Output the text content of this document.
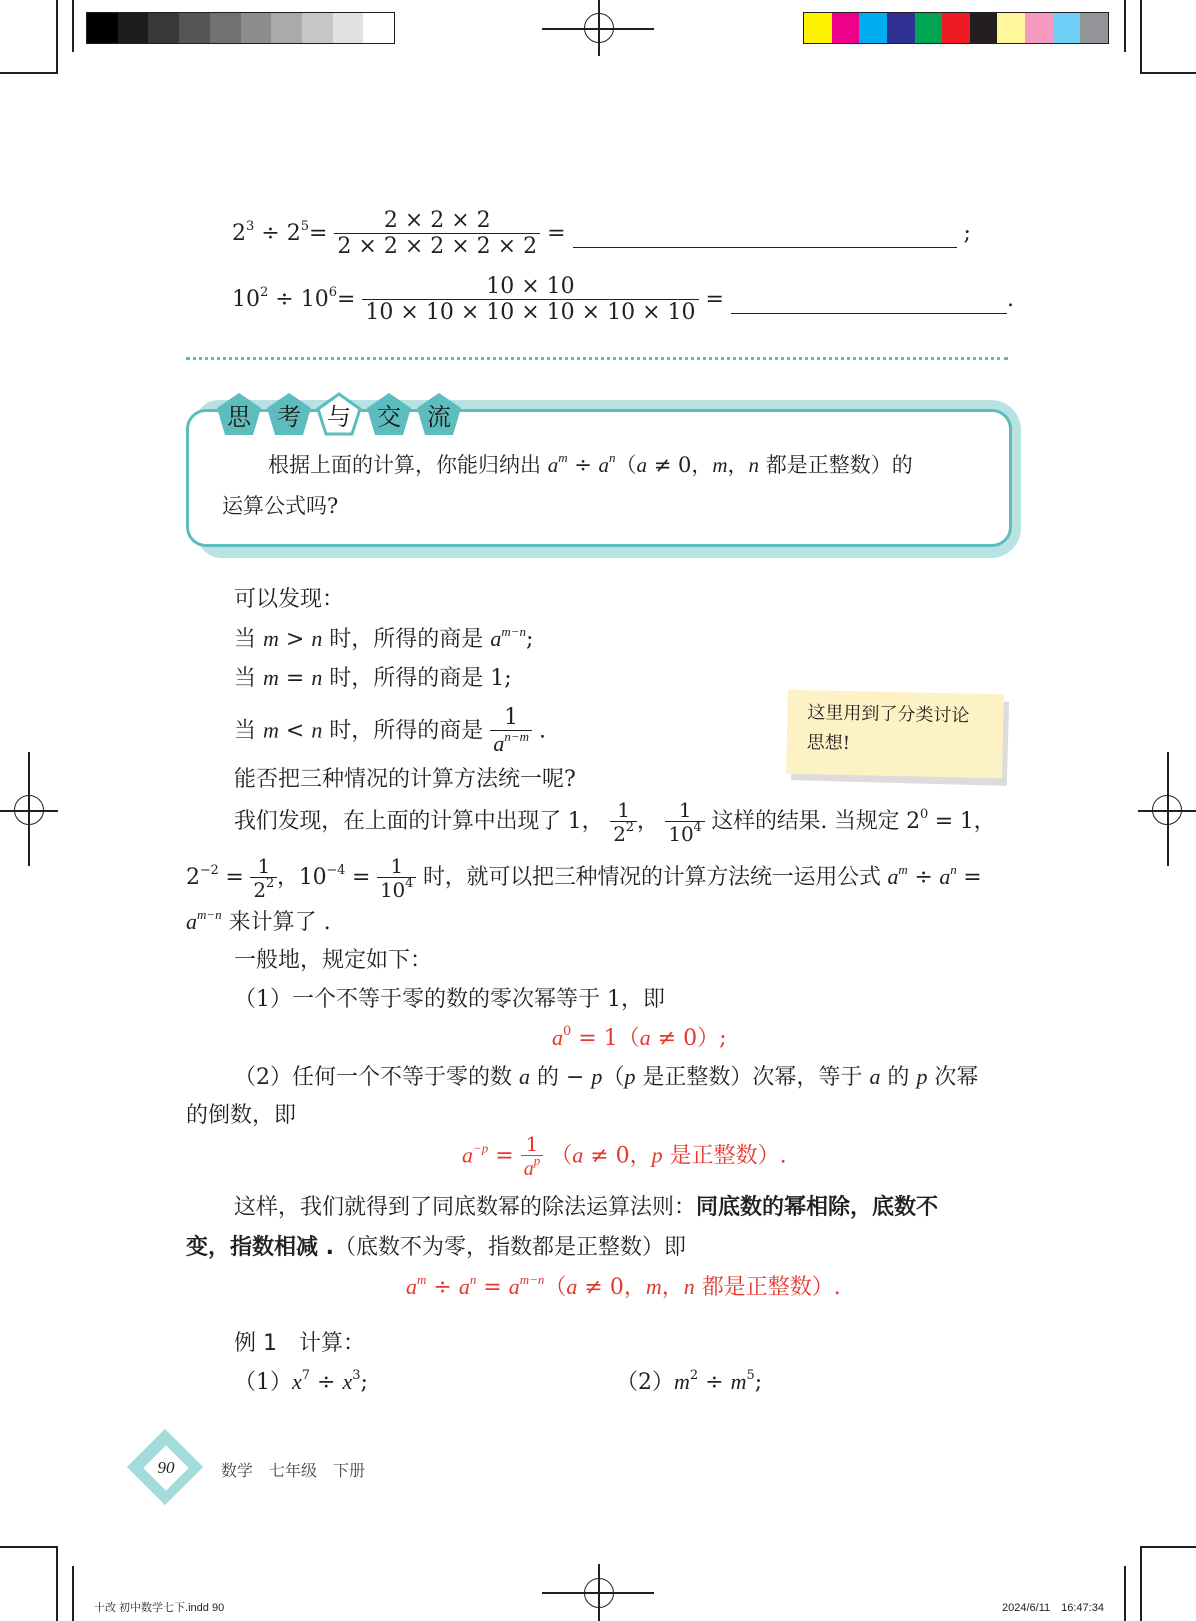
$2^3 \div 2^5= \frac{2 \times 2 \times 2}{2 \times 2 \times 2 \times 2 \times 2}$ =	;
$10^2 \div 10^6= \frac{10 \times 10}{10 \times 10 \times 10 \times 10 \times 10 \times 10}$ =	.
思 考 与 交 流
根据上面的计算，你能归纳出 $a^m \div a^n(a \ne 0$，m，n 都是正整数）的
运算公式吗?
可以发现：
当 m > n 时，所得的商是 $a^{m-n}$;
当 m = n 时，所得的商是 1;
当 m < n 时，所得的商是 $\frac{1}{a^{n-m}}$ .
这里用到了分类讨论
思想!
能否把三种情况的计算方法统一呢?
我们发现，在上面的计算中出现了 1， $\frac{1}{2^2}$ ， $\frac{1}{10^4}$ 这样的结果. 当规定 $2^0 = 1$，
$2^{-2} = \frac{1}{2^2}$ ，$10^{-4} = \frac{1}{10^4}$ 时，就可以把三种情况的计算方法统一运用公式 $a^m \div a^n$ =
$a^{m-n}$ 来计算了 .
一般地，规定如下：
（1）一个不等于零的数的零次幂等于 1，即
$a^0 = 1(a \ne 0)$;
（2）任何一个不等于零的数 a 的 − p（p 是正整数）次幂，等于 a 的 p 次幂
的倒数，即
$a^{-p} = \frac{1}{a^p} (a \ne 0$，p 是正整数）.
这样，我们就得到了同底数幂的除法运算法则：同底数的幂相除，底数不
变，指数相减 .（底数不为零，指数都是正整数）即
$a^m \div a^n = a^{m-n}(a \ne 0$，m，n 都是正整数）.
例 1　 计算：
$(1)x^7 \div x^3$;	$(2)m^2 \div m^5$;
90	数学　七年级　下册
十改 初中数学七下.indd 90	2024/6/11　16:47:34
